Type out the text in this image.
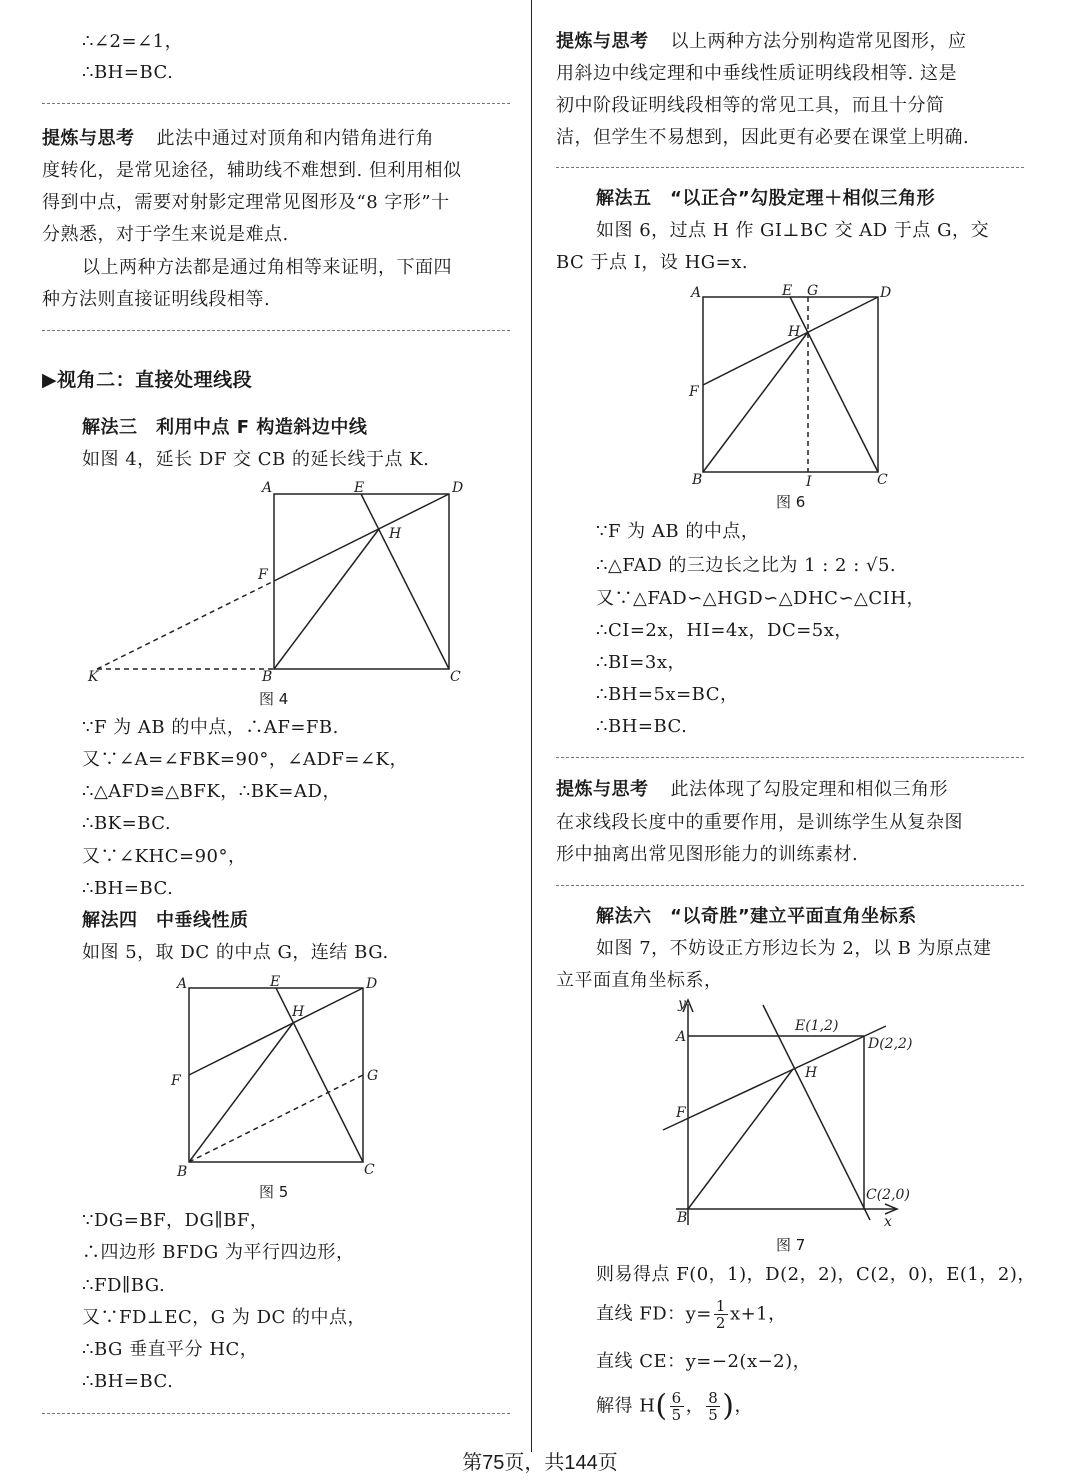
∴∠2=∠1，
∴BH=BC.
提炼与思考 此法中通过对顶角和内错角进行角
度转化，是常见途径，辅助线不难想到. 但利用相似
得到中点，需要对射影定理常见图形及“8 字形”十
分熟悉，对于学生来说是难点.
以上两种方法都是通过角相等来证明，下面四
种方法则直接证明线段相等.
▶视角二：直接处理线段
解法三　利用中点 F 构造斜边中线
如图 4，延长 DF 交 CB 的延长线于点 K.
A	E	D
H
F
K	B	C
图 4
∵F 为 AB 的中点，∴AF=FB.
又∵∠A=∠FBK=90°，∠ADF=∠K，
∴△AFD≌△BFK，∴BK=AD，
∴BK=BC.
又∵∠KHC=90°，
∴BH=BC.
解法四　中垂线性质
如图 5，取 DC 的中点 G，连结 BG.
A	E	D
H
F	G
B	C
图 5
∵DG=BF，DG∥BF，
∴四边形 BFDG 为平行四边形，
∴FD∥BG.
又∵FD⊥EC，G 为 DC 的中点，
∴BG 垂直平分 HC，
∴BH=BC.
提炼与思考 以上两种方法分别构造常见图形，应
用斜边中线定理和中垂线性质证明线段相等. 这是
初中阶段证明线段相等的常见工具，而且十分简
洁，但学生不易想到，因此更有必要在课堂上明确.
解法五　“以正合”勾股定理＋相似三角形
如图 6，过点 H 作 GI⊥BC 交 AD 于点 G，交
BC 于点 I，设 HG=x.
A	E G	D
H
F
B	I	C
图 6
∵F 为 AB 的中点，
∴△FAD 的三边长之比为 1 : 2 : √5.
又∵△FAD∽△HGD∽△DHC∽△CIH，
∴CI=2x，HI=4x，DC=5x，
∴BI=3x，
∴BH=5x=BC，
∴BH=BC.
提炼与思考 此法体现了勾股定理和相似三角形
在求线段长度中的重要作用，是训练学生从复杂图
形中抽离出常见图形能力的训练素材.
解法六　“以奇胜”建立平面直角坐标系
如图 7，不妨设正方形边长为 2，以 B 为原点建
立平面直角坐标系，
y
A
E(1,2)
D(2,2)
H
F
C(2,0)
B	x
图 7
则易得点 F(0，1)，D(2，2)，C(2，0)，E(1，2)，
直线 FD：$y= \frac{1}{2} x+1$，
直线 CE：y=−2(x−2)，
解得 $H( \frac{6}{5}$ ， $\frac{8}{5}$ )，
第75页，共144页
